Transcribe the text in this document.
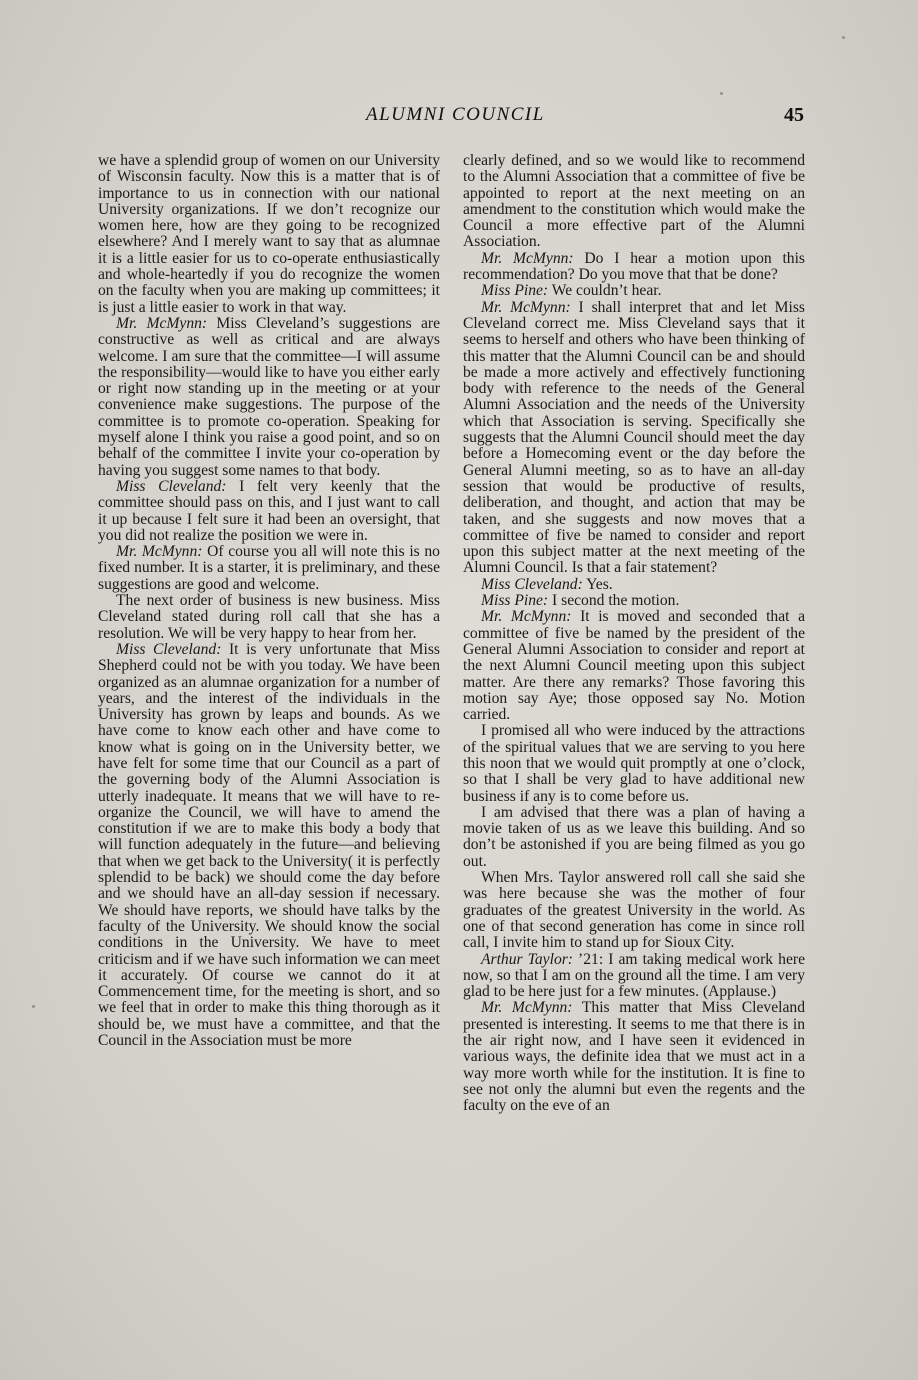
ALUMNI COUNCIL	45

we have a splendid group of women on our University of Wisconsin faculty. Now this is a matter that is of importance to us in connection with our national University organizations. If we don’t recognize our women here, how are they going to be recognized elsewhere? And I merely want to say that as alumnae it is a little easier for us to co-operate enthusiastically and whole-heartedly if you do recognize the women on the faculty when you are making up committees; it is just a little easier to work in that way.

Mr. McMynn: Miss Cleveland’s suggestions are constructive as well as critical and are always welcome. I am sure that the committee—I will assume the responsibility—would like to have you either early or right now standing up in the meeting or at your convenience make suggestions. The purpose of the committee is to promote co-operation. Speaking for myself alone I think you raise a good point, and so on behalf of the committee I invite your co-operation by having you suggest some names to that body.

Miss Cleveland: I felt very keenly that the committee should pass on this, and I just want to call it up because I felt sure it had been an oversight, that you did not realize the position we were in.

Mr. McMynn: Of course you all will note this is no fixed number. It is a starter, it is preliminary, and these suggestions are good and welcome.

The next order of business is new business. Miss Cleveland stated during roll call that she has a resolution. We will be very happy to hear from her.

Miss Cleveland: It is very unfortunate that Miss Shepherd could not be with you today. We have been organized as an alumnae organization for a number of years, and the interest of the individuals in the University has grown by leaps and bounds. As we have come to know each other and have come to know what is going on in the University better, we have felt for some time that our Council as a part of the governing body of the Alumni Association is utterly inadequate. It means that we will have to re-organize the Council, we will have to amend the constitution if we are to make this body a body that will function adequately in the future—and believing that when we get back to the University( it is perfectly splendid to be back) we should come the day before and we should have an all-day session if necessary. We should have reports, we should have talks by the faculty of the University. We should know the social conditions in the University. We have to meet criticism and if we have such information we can meet it accurately. Of course we cannot do it at Commencement time, for the meeting is short, and so we feel that in order to make this thing thorough as it should be, we must have a committee, and that the Council in the Association must be more

clearly defined, and so we would like to recommend to the Alumni Association that a committee of five be appointed to report at the next meeting on an amendment to the constitution which would make the Council a more effective part of the Alumni Association.

Mr. McMynn: Do I hear a motion upon this recommendation? Do you move that that be done?

Miss Pine: We couldn’t hear.

Mr. McMynn: I shall interpret that and let Miss Cleveland correct me. Miss Cleveland says that it seems to herself and others who have been thinking of this matter that the Alumni Council can be and should be made a more actively and effectively functioning body with reference to the needs of the General Alumni Association and the needs of the University which that Association is serving. Specifically she suggests that the Alumni Council should meet the day before a Homecoming event or the day before the General Alumni meeting, so as to have an all-day session that would be productive of results, deliberation, and thought, and action that may be taken, and she suggests and now moves that a committee of five be named to consider and report upon this subject matter at the next meeting of the Alumni Council. Is that a fair statement?

Miss Cleveland: Yes.

Miss Pine: I second the motion.

Mr. McMynn: It is moved and seconded that a committee of five be named by the president of the General Alumni Association to consider and report at the next Alumni Council meeting upon this subject matter. Are there any remarks? Those favoring this motion say Aye; those opposed say No. Motion carried.

I promised all who were induced by the attractions of the spiritual values that we are serving to you here this noon that we would quit promptly at one o’clock, so that I shall be very glad to have additional new business if any is to come before us.

I am advised that there was a plan of having a movie taken of us as we leave this building. And so don’t be astonished if you are being filmed as you go out.

When Mrs. Taylor answered roll call she said she was here because she was the mother of four graduates of the greatest University in the world. As one of that second generation has come in since roll call, I invite him to stand up for Sioux City.

Arthur Taylor: ’21: I am taking medical work here now, so that I am on the ground all the time. I am very glad to be here just for a few minutes. (Applause.)

Mr. McMynn: This matter that Miss Cleveland presented is interesting. It seems to me that there is in the air right now, and I have seen it evidenced in various ways, the definite idea that we must act in a way more worth while for the institution. It is fine to see not only the alumni but even the regents and the faculty on the eve of an
